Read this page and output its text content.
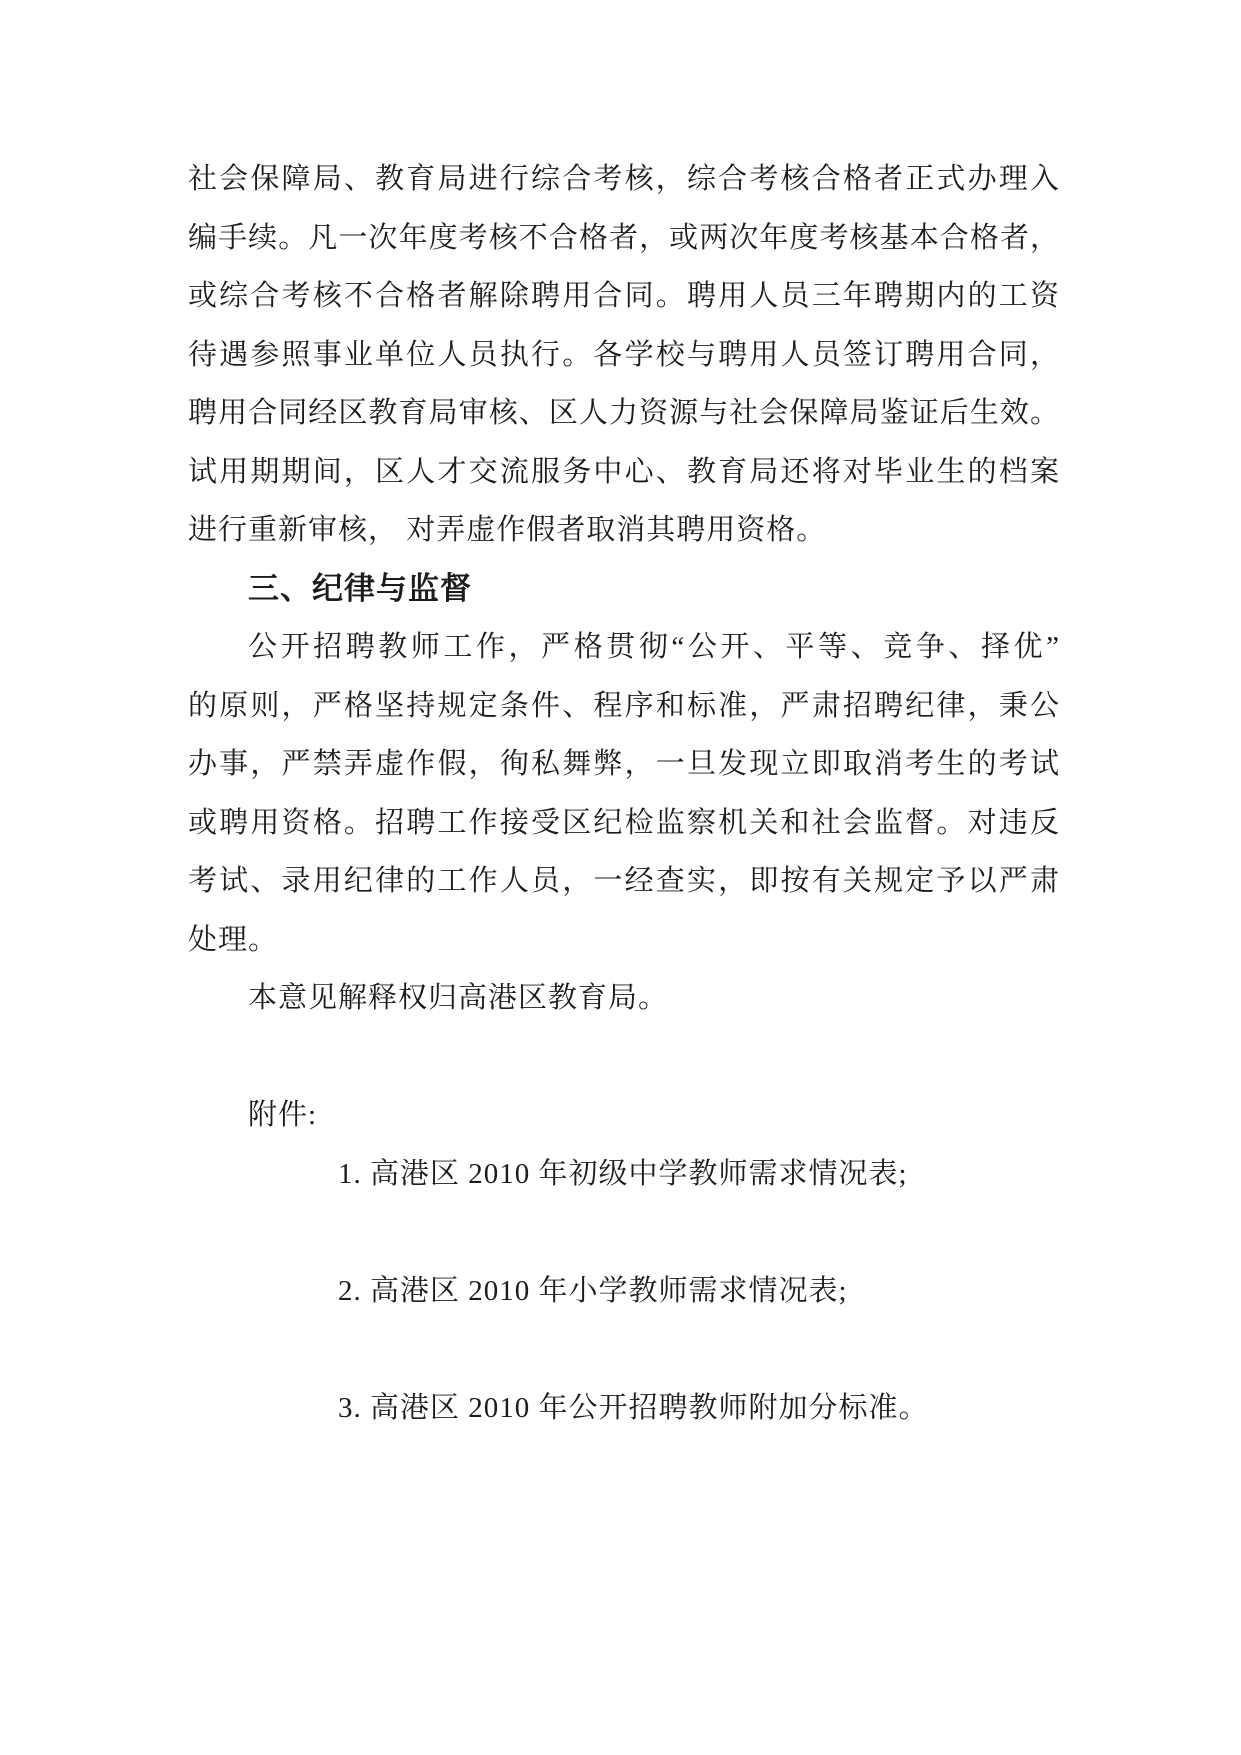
社会保障局、教育局进行综合考核，综合考核合格者正式办理入
编手续。凡一次年度考核不合格者，或两次年度考核基本合格者，
或综合考核不合格者解除聘用合同。聘用人员三年聘期内的工资
待遇参照事业单位人员执行。各学校与聘用人员签订聘用合同，
聘用合同经区教育局审核、区人力资源与社会保障局鉴证后生效。
试用期期间，区人才交流服务中心、教育局还将对毕业生的档案
进行重新审核， 对弄虚作假者取消其聘用资格。
三、纪律与监督
公开招聘教师工作，严格贯彻“公开、平等、竞争、择优”
的原则，严格坚持规定条件、程序和标准，严肃招聘纪律，秉公
办事，严禁弄虚作假，徇私舞弊，一旦发现立即取消考生的考试
或聘用资格。招聘工作接受区纪检监察机关和社会监督。对违反
考试、录用纪律的工作人员，一经查实，即按有关规定予以严肃
处理。
本意见解释权归高港区教育局。
附件:
1. 高港区 2010 年初级中学教师需求情况表;
2. 高港区 2010 年小学教师需求情况表;
3. 高港区 2010 年公开招聘教师附加分标准。
